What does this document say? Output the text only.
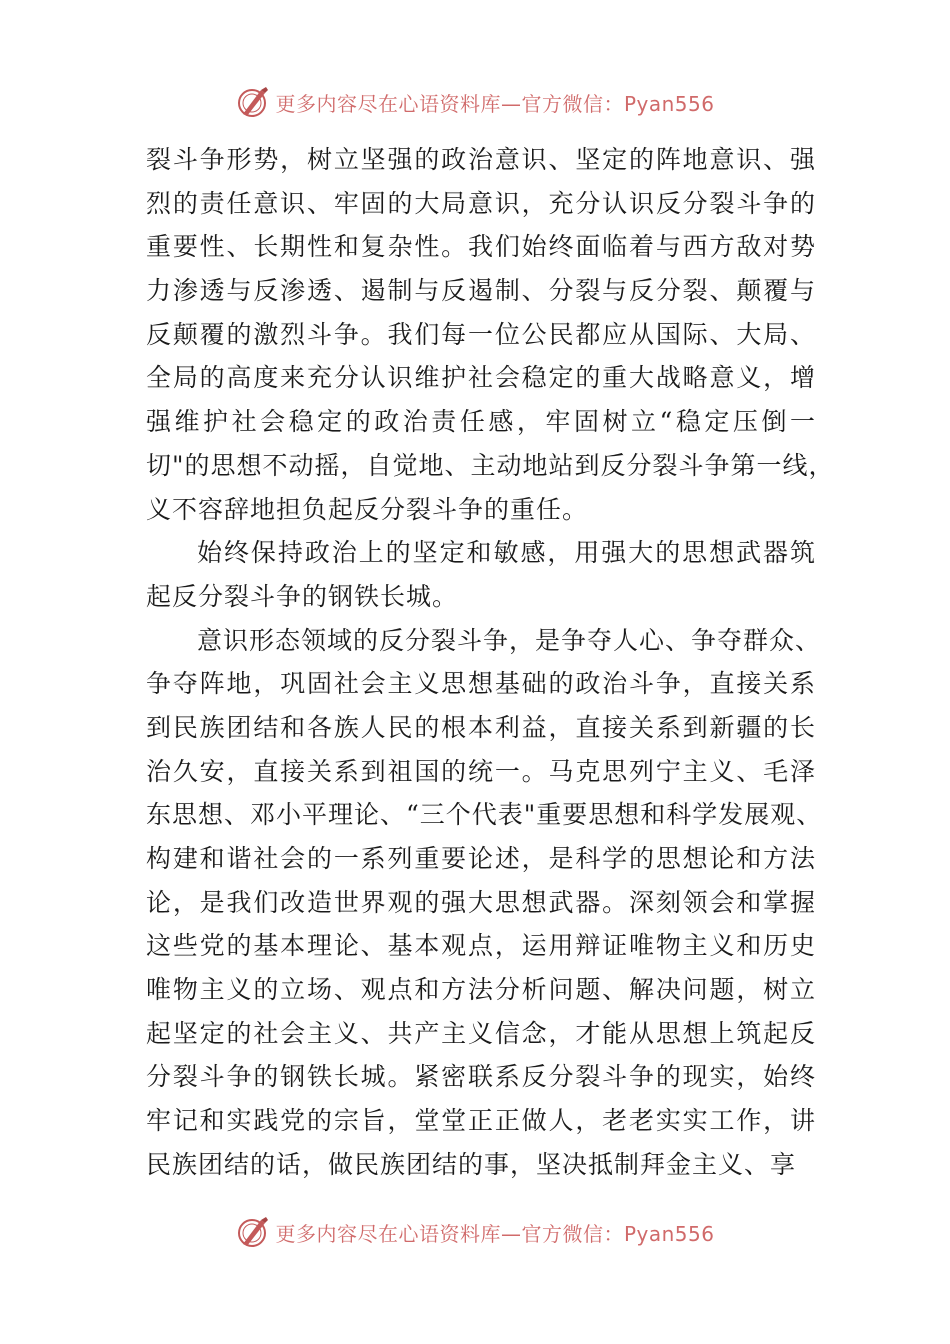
更多内容尽在心语资料库—官方微信：Pyan556
裂斗争形势，树立坚强的政治意识、坚定的阵地意识、强
烈的责任意识、牢固的大局意识，充分认识反分裂斗争的
重要性、长期性和复杂性。我们始终面临着与西方敌对势
力渗透与反渗透、遏制与反遏制、分裂与反分裂、颠覆与
反颠覆的激烈斗争。我们每一位公民都应从国际、大局、
全局的高度来充分认识维护社会稳定的重大战略意义，增
强维护社会稳定的政治责任感，牢固树立“稳定压倒一
切"的思想不动摇，自觉地、主动地站到反分裂斗争第一线，
义不容辞地担负起反分裂斗争的重任。
始终保持政治上的坚定和敏感，用强大的思想武器筑
起反分裂斗争的钢铁长城。
意识形态领域的反分裂斗争，是争夺人心、争夺群众、
争夺阵地，巩固社会主义思想基础的政治斗争，直接关系
到民族团结和各族人民的根本利益，直接关系到新疆的长
治久安，直接关系到祖国的统一。马克思列宁主义、毛泽
东思想、邓小平理论、“三个代表"重要思想和科学发展观、
构建和谐社会的一系列重要论述，是科学的思想论和方法
论，是我们改造世界观的强大思想武器。深刻领会和掌握
这些党的基本理论、基本观点，运用辩证唯物主义和历史
唯物主义的立场、观点和方法分析问题、解决问题，树立
起坚定的社会主义、共产主义信念，才能从思想上筑起反
分裂斗争的钢铁长城。紧密联系反分裂斗争的现实，始终
牢记和实践党的宗旨，堂堂正正做人，老老实实工作，讲
民族团结的话，做民族团结的事，坚决抵制拜金主义、享
更多内容尽在心语资料库—官方微信：Pyan556
